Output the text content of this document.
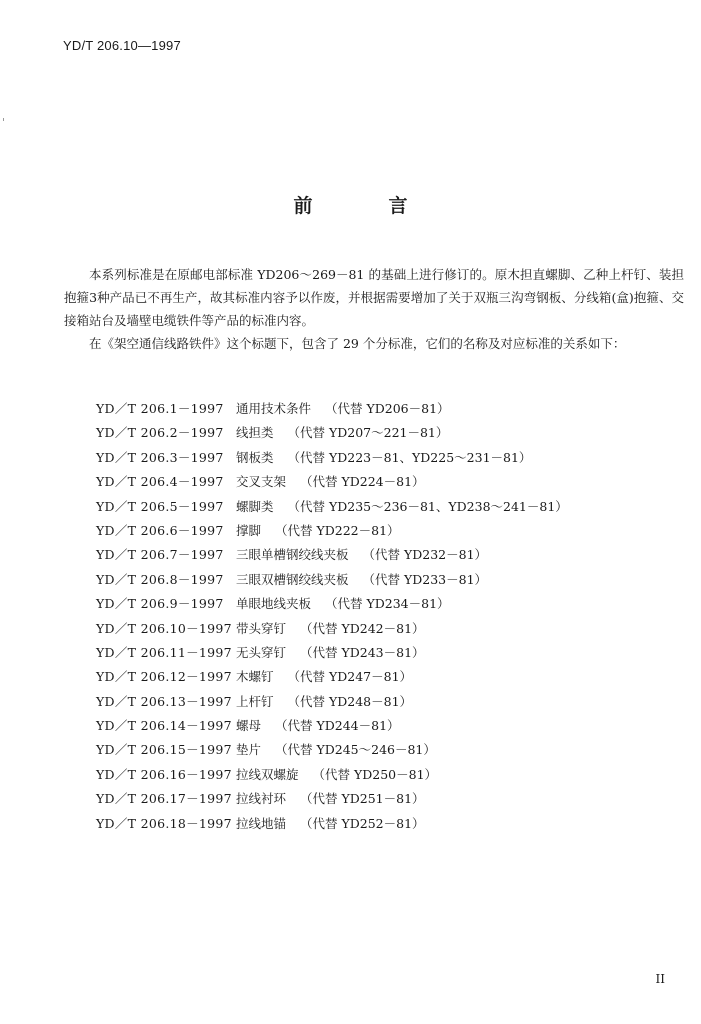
YD/T 206.10—1997
前言

本系列标准是在原邮电部标准 YD206～269－81 的基础上进行修订的。原木担直螺脚、乙种上杆钉、装担抱箍3种产品已不再生产，故其标准内容予以作废，并根据需要增加了关于双瓶三沟弯钢板、分线箱(盒)抱箍、交接箱站台及墙壁电缆铁件等产品的标准内容。

在《架空通信线路铁件》这个标题下，包含了 29 个分标准，它们的名称及对应标准的关系如下：

YD／T 206.1－1997 通用技术条件 （代替 YD206－81）
YD／T 206.2－1997 线担类 （代替 YD207～221－81）
YD／T 206.3－1997 钢板类 （代替 YD223－81、YD225～231－81）
YD／T 206.4－1997 交叉支架 （代替 YD224－81）
YD／T 206.5－1997 螺脚类 （代替 YD235～236－81、YD238～241－81）
YD／T 206.6－1997 撑脚 （代替 YD222－81）
YD／T 206.7－1997 三眼单槽钢绞线夹板 （代替 YD232－81）
YD／T 206.8－1997 三眼双槽钢绞线夹板 （代替 YD233－81）
YD／T 206.9－1997 单眼地线夹板 （代替 YD234－81）
YD／T 206.10－1997 带头穿钉 （代替 YD242－81）
YD／T 206.11－1997 无头穿钉 （代替 YD243－81）
YD／T 206.12－1997 木螺钉 （代替 YD247－81）
YD／T 206.13－1997 上杆钉 （代替 YD248－81）
YD／T 206.14－1997 螺母 （代替 YD244－81）
YD／T 206.15－1997 垫片 （代替 YD245～246－81）
YD／T 206.16－1997 拉线双螺旋 （代替 YD250－81）
YD／T 206.17－1997 拉线衬环 （代替 YD251－81）
YD／T 206.18－1997 拉线地锚 （代替 YD252－81）
II
